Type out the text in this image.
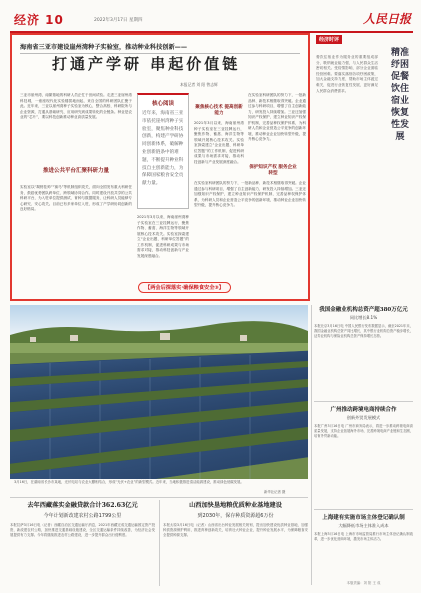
经济 10	2022年3月17日 星期四	人民日报
海南省三亚市建设崖州湾种子实验室，推动种业科技创新——
打通产学研 串起价值链
本报记者 刘 阳 曾志辉
三亚市崖州湾，南繁基地的科研人员正忙于田间试验。走进三亚崖州湾科技城，一座座现代化实验楼拔地而起，来自全国的科研团队汇聚于此。近年来，三亚以崖州湾种子实验室为核心，整合高校、科研院所与企业资源，打通从基础研究、应用研究到成果转化的全链条。种业是农业的“芯片”，要以科技创新推动种业高质量发展。
推进公共平台汇聚科研力量
实验室以“揭榜挂帅”“赛马”等机制组织攻关，面向全国发布重大科研任务，鼓励优势团队跨单位、跨领域协同合作。同时建设开放共享的公共科研平台，为入驻单位提供测试、育种与数据服务，让科研人员能够专心研究、安心攻关。目前已有多家单位入驻，形成了产学研协同创新的良好格局。
核心阅读
近年来，海南省三亚市依托崖州湾种子实验室，聚焦种业科技创新，构建产学研协同创新体系，破解种业创新链条中的难题，不断提升种业科技自主创新能力，为保障国家粮食安全贡献力量。
2021年3月以来，海南崖州湾种子实验室在三亚挂牌运行，聚焦作物、畜禽、海洋生物等领域开展核心技术攻关。实验室探索建立“企业出题、科研单位答题”的工作机制，促进科研成果与市场需求对接，推动科技创新与产业发展深度融合。
聚焦核心技术 提高创新能力
2021年3月以来，海南崖州湾种子实验室在三亚挂牌运行，聚焦作物、畜禽、海洋生物等领域开展核心技术攻关。实验室探索建立“企业出题、科研单位答题”的工作机制，促进科研成果与市场需求对接，推动科技创新与产业发展深度融合。
保护知识产权 服务企业转型
在实验室科研团队的努力下，一批新品种、新技术相继取得突破。企业通过参与科研项目，增强了自主创新能力，研发投入持续增加。三亚还加强知识产权保护，建立种业知识产权保护机制，完善品种权保护体系，为科研人员和企业营造公平竞争的创新环境，推动种业企业加快转型升级，提升核心竞争力。
在实验室科研团队的努力下，一批新品种、新技术相继取得突破。企业通过参与科研项目，增强了自主创新能力，研发投入持续增加。三亚还加强知识产权保护，建立种业知识产权保护机制，完善品种权保护体系，为科研人员和企业营造公平竞争的创新环境，推动种业企业加快转型升级，提升核心竞争力。
【两会后探落实·确保粮食安全③】
经济时评
精准纾困 促餐饮住宿业恢复性发展
餐饮住宿业作为服务业的重要组成部分，吸纳就业能力强，与人民群众生活密切相关。受疫情影响，部分企业面临经营困难。要落实落细各项纾困政策，加大金融支持力度，帮助市场主体渡过难关，促进行业恢复性发展，更好满足人民群众消费需求。
3月16日，在湖南省长沙市某地，光伏电站与农业大棚相结合，形成“光伏+农业”的新型模式。近年来，当地积极推进清洁能源建设，推动绿色低碳发展。
新华社记者 摄
去年西藏落实金融贷款合计362.63亿元
今年计划新改建农村公路1799公里
本报拉萨3月16日电（记者）西藏自治区交通运输厅消息，2021年西藏完成交通运输固定资产投资，新改建农村公路，加快推进交通基础设施建设，全区交通运输条件持续改善，为经济社会发展提供有力支撑。今年将继续推进农村公路建设，进一步提升群众出行便利度。
山西加快垦地粮优质种业基地建设
到2030年，保存种质资源超6万份
本报太原3月16日电（记者）山西省出台种业发展相关规划，提出加快建设优质种业基地，加强种质资源保护利用，推进育种创新攻关，培育壮大种业企业，提升种业发展水平，为保障粮食安全提供种源支撑。
我国金融业机构总资产超380万亿元
同比增长8.1%
本报北京3月16日电 中国人民银行发布数据显示，截至2021年末，我国金融业机构总资产同比增长，其中银行业机构总资产稳步增长，证券业机构与保险业机构总资产保持增长态势。
广州推动跨境电商持续合作
创新外贸发展模式
本报广州3月16日电 广州市商务局表示，将进一步推动跨境电商高质量发展，支持企业拓展海外市场，完善跨境电商产业链和生态圈，培育外贸新动能。
上海建有实施市场主体登记确认制
大幅降低市场主体准入成本
本报上海3月16日电 上海市市场监管局推行市场主体登记确认制改革，进一步优化营商环境，激发市场主体活力。
本版责编：刘 阳 王 成
